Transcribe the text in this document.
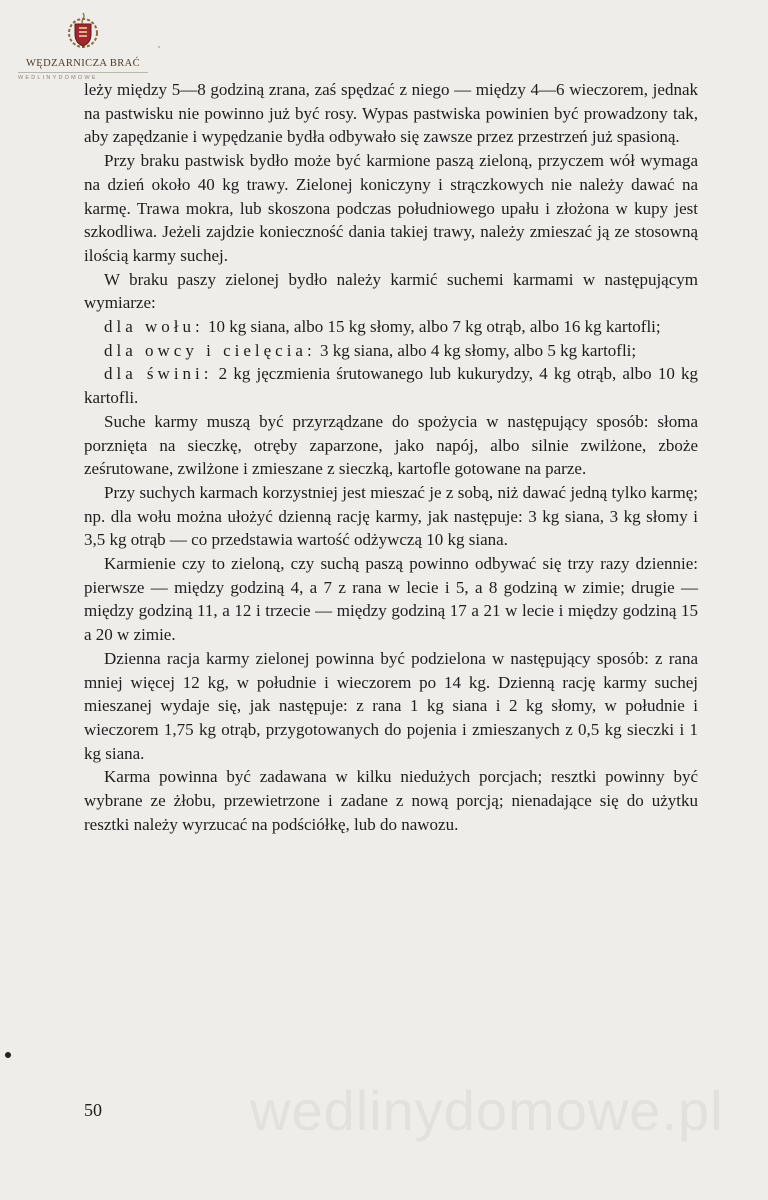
WĘDZARNICZA BRAĆ
WEDLINYDOMOWE

leży między 5—8 godziną zrana, zaś spędzać z niego — między 4—6 wieczorem, jednak na pastwisku nie powinno już być rosy. Wypas pastwiska powinien być prowadzony tak, aby zapędzanie i wypędzanie bydła odbywało się zawsze przez przestrzeń już spasioną.

Przy braku pastwisk bydło może być karmione paszą zieloną, przyczem wół wymaga na dzień około 40 kg trawy. Zielonej koniczyny i strączkowych nie należy dawać na karmę. Trawa mokra, lub skoszona podczas południowego upału i złożona w kupy jest szkodliwa. Jeżeli zajdzie konieczność dania takiej trawy, należy zmieszać ją ze stosowną ilością karmy suchej.

W braku paszy zielonej bydło należy karmić suchemi karmami w następującym wymiarze:

dla wołu: 10 kg siana, albo 15 kg słomy, albo 7 kg otrąb, albo 16 kg kartofli;

dla owcy i cielęcia: 3 kg siana, albo 4 kg słomy, albo 5 kg kartofli;

dla świni: 2 kg jęczmienia śrutowanego lub kukurydzy, 4 kg otrąb, albo 10 kg kartofli.

Suche karmy muszą być przyrządzane do spożycia w następujący sposób: słoma porznięta na sieczkę, otręby zaparzone, jako napój, albo silnie zwilżone, zboże ześrutowane, zwilżone i zmieszane z sieczką, kartofle gotowane na parze.

Przy suchych karmach korzystniej jest mieszać je z sobą, niż dawać jedną tylko karmę; np. dla wołu można ułożyć dzienną rację karmy, jak następuje: 3 kg siana, 3 kg słomy i 3,5 kg otrąb — co przedstawia wartość odżywczą 10 kg siana.

Karmienie czy to zieloną, czy suchą paszą powinno odbywać się trzy razy dziennie: pierwsze — między godziną 4, a 7 z rana w lecie i 5, a 8 godziną w zimie; drugie — między godziną 11, a 12 i trzecie — między godziną 17 a 21 w lecie i między godziną 15 a 20 w zimie.

Dzienna racja karmy zielonej powinna być podzielona w następujący sposób: z rana mniej więcej 12 kg, w południe i wieczorem po 14 kg. Dzienną rację karmy suchej mieszanej wydaje się, jak następuje: z rana 1 kg siana i 2 kg słomy, w południe i wieczorem 1,75 kg otrąb, przygotowanych do pojenia i zmieszanych z 0,5 kg sieczki i 1 kg siana.

Karma powinna być zadawana w kilku niedużych porcjach; resztki powinny być wybrane ze żłobu, przewietrzone i zadane z nową porcją; nienadające się do użytku resztki należy wyrzucać na podściółkę, lub do nawozu.

wedlinydomowe.pl
50
